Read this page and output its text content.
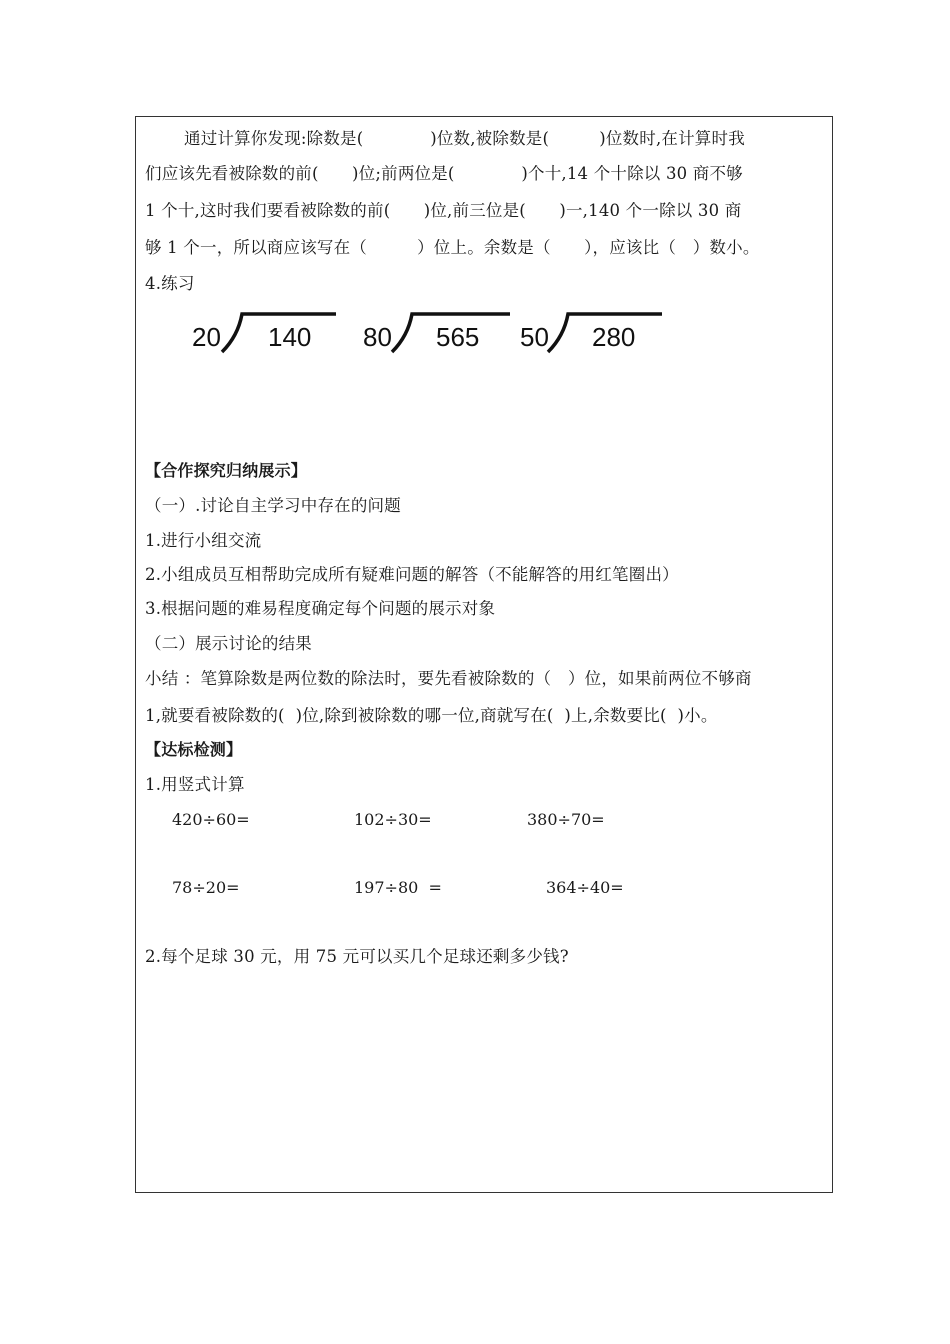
通过计算你发现:除数是(　　　　)位数,被除数是(　　　)位数时,在计算时我
们应该先看被除数的前(　　)位;前两位是(　　　　)个十,14 个十除以 30 商不够
1 个十,这时我们要看被除数的前(　　)位,前三位是(　　)一,140 个一除以 30 商
够 1 个一，所以商应该写在（　　　）位上。余数是（　　），应该比（　）数小。
4.练习
20 140 80 565 50 280
【合作探究归纳展示】
（一）.讨论自主学习中存在的问题
1.进行小组交流
2.小组成员互相帮助完成所有疑难问题的解答（不能解答的用红笔圈出）
3.根据问题的难易程度确定每个问题的展示对象
（二）展示讨论的结果
小结 ：笔算除数是两位数的除法时，要先看被除数的（　）位，如果前两位不够商
1,就要看被除数的(  )位,除到被除数的哪一位,商就写在(  )上,余数要比(  )小。
【达标检测】
1.用竖式计算
420÷60=	102÷30=	380÷70=
78÷20=	197÷80  =	364÷40=
2.每个足球 30 元，用 75 元可以买几个足球还剩多少钱?
